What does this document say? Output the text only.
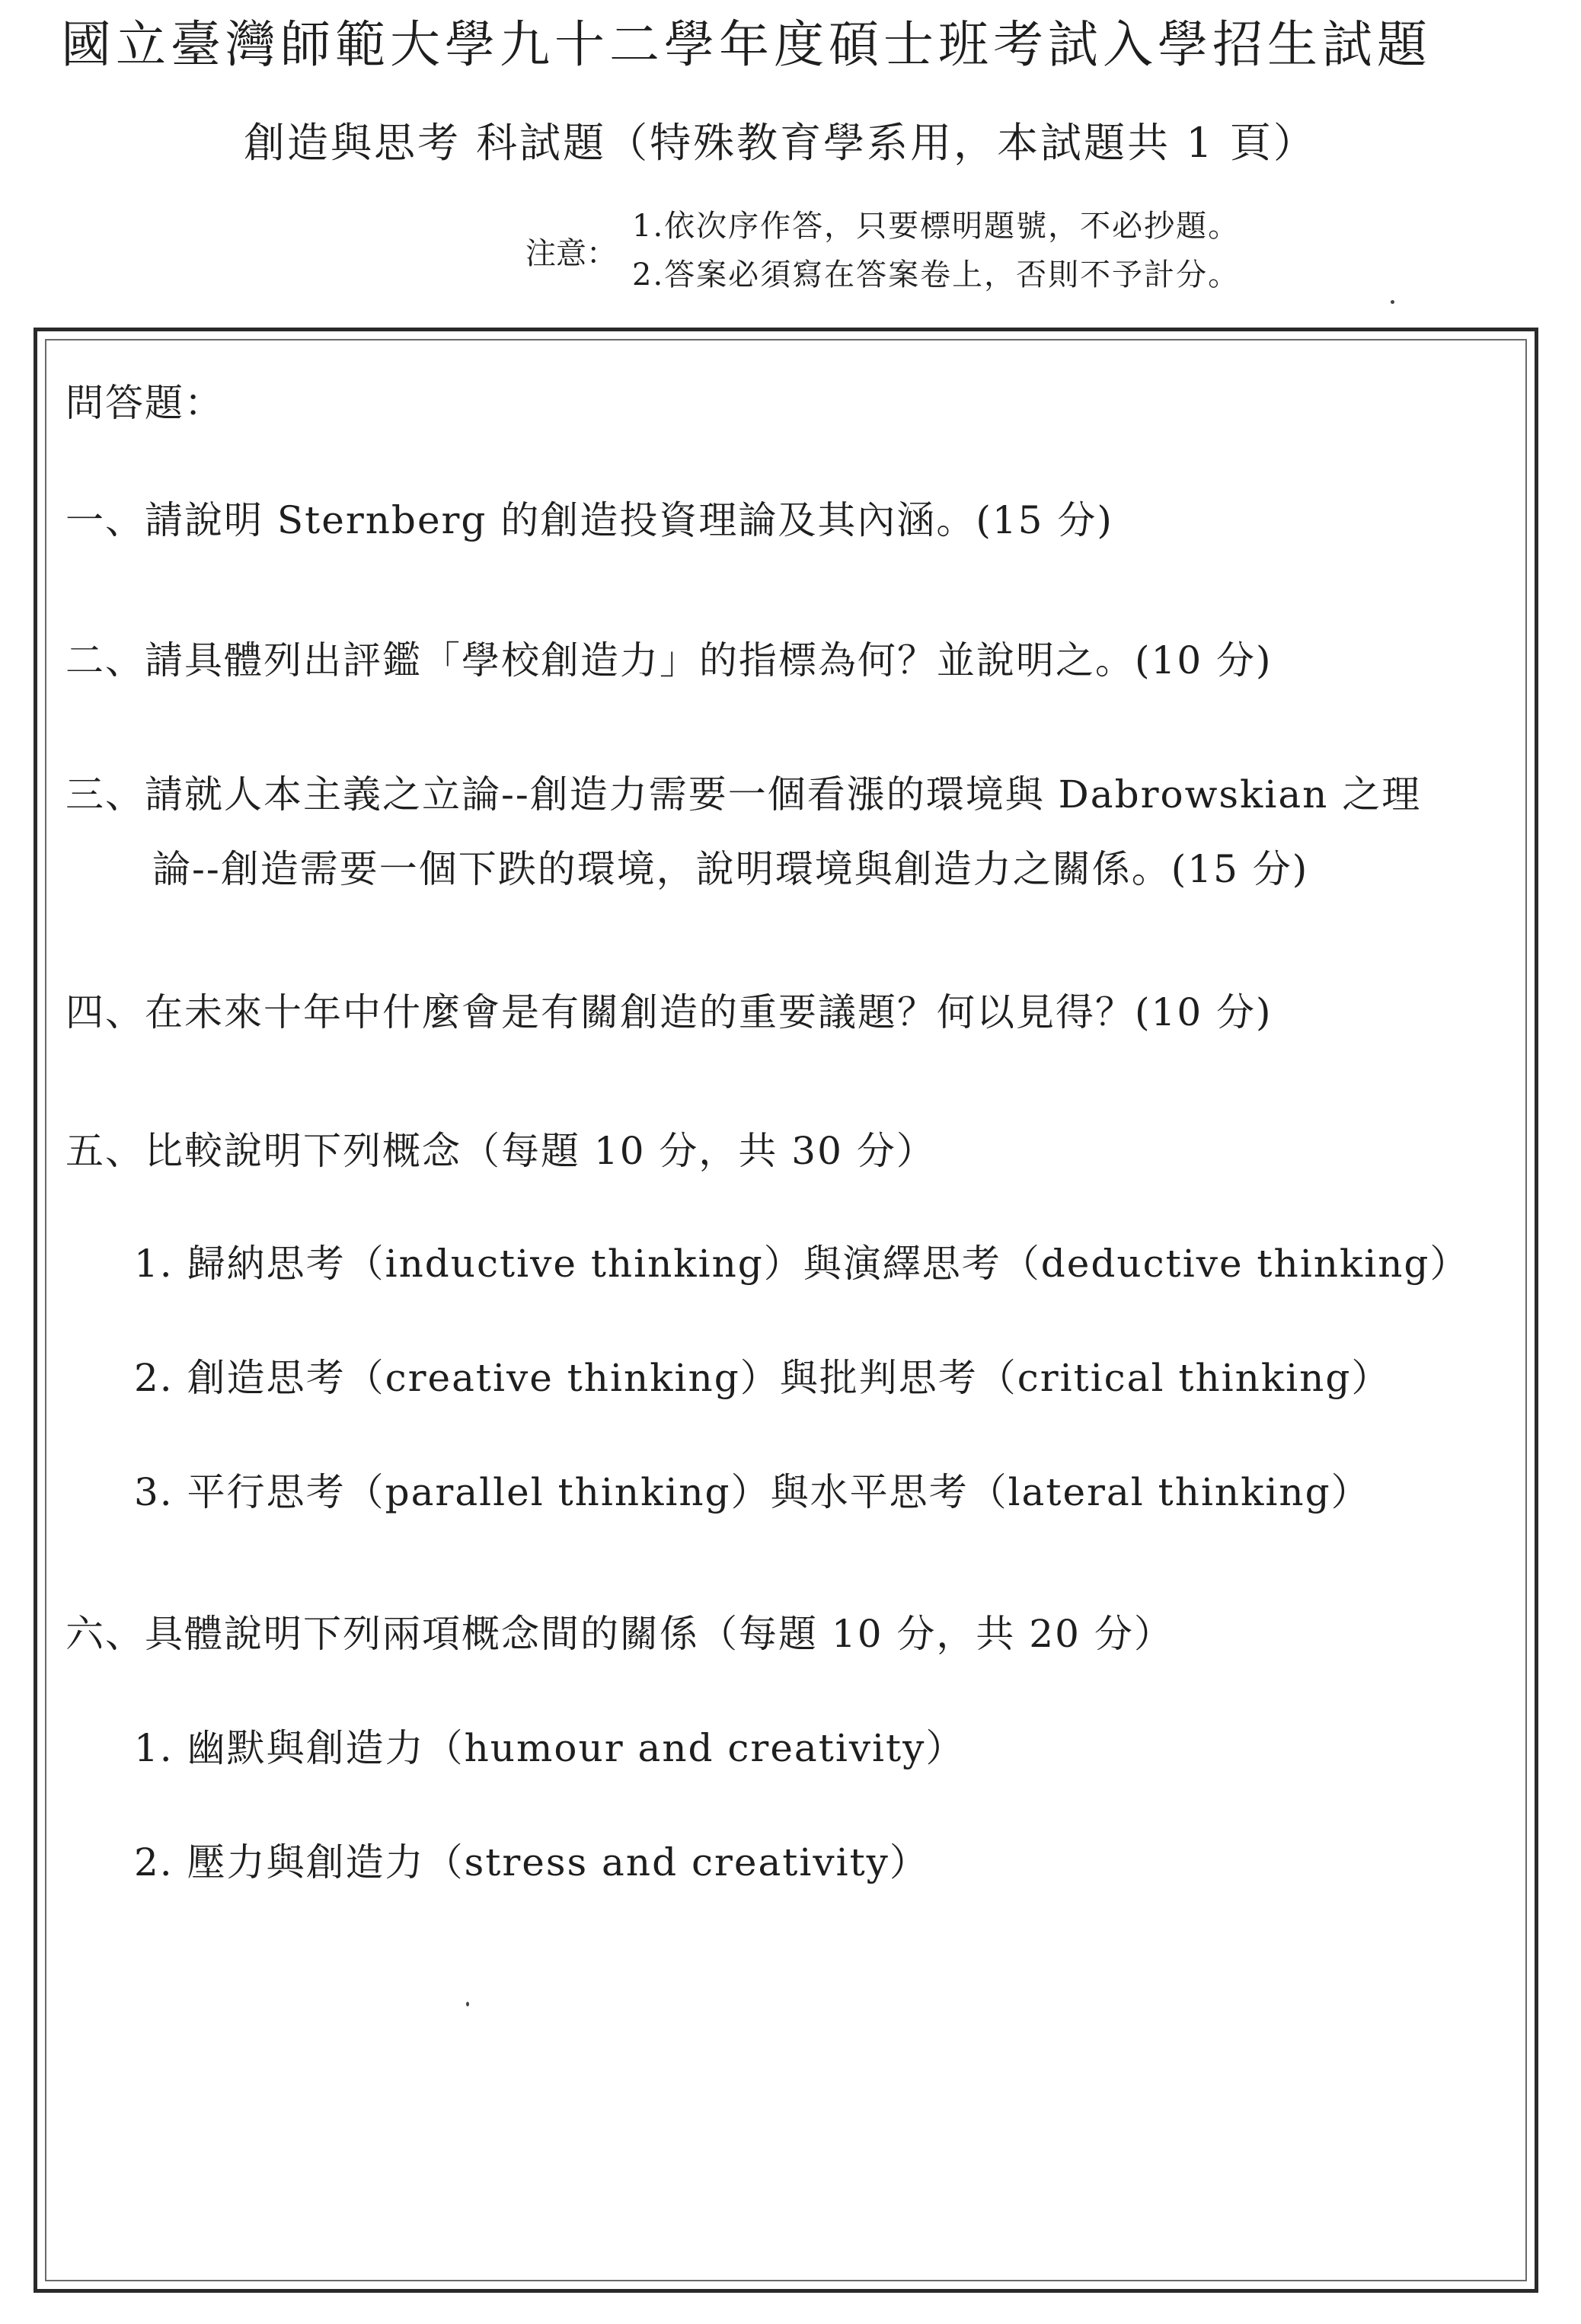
國立臺灣師範大學九十二學年度碩士班考試入學招生試題
創造與思考 科試題（特殊教育學系用，本試題共 1 頁）
注意：
1.依次序作答，只要標明題號，不必抄題。
2.答案必須寫在答案卷上，否則不予計分。
問答題：
一、請說明 Sternberg 的創造投資理論及其內涵。(15 分)
二、請具體列出評鑑「學校創造力」的指標為何？並說明之。(10 分)
三、請就人本主義之立論--創造力需要一個看漲的環境與 Dabrowskian 之理
論--創造需要一個下跌的環境，說明環境與創造力之關係。(15 分)
四、在未來十年中什麼會是有關創造的重要議題？何以見得？(10 分)
五、比較說明下列概念（每題 10 分，共 30 分）
1. 歸納思考（inductive thinking）與演繹思考（deductive thinking）
2. 創造思考（creative thinking）與批判思考（critical thinking）
3. 平行思考（parallel thinking）與水平思考（lateral thinking）
六、具體說明下列兩項概念間的關係（每題 10 分，共 20 分）
1. 幽默與創造力（humour and creativity）
2. 壓力與創造力（stress and creativity）
